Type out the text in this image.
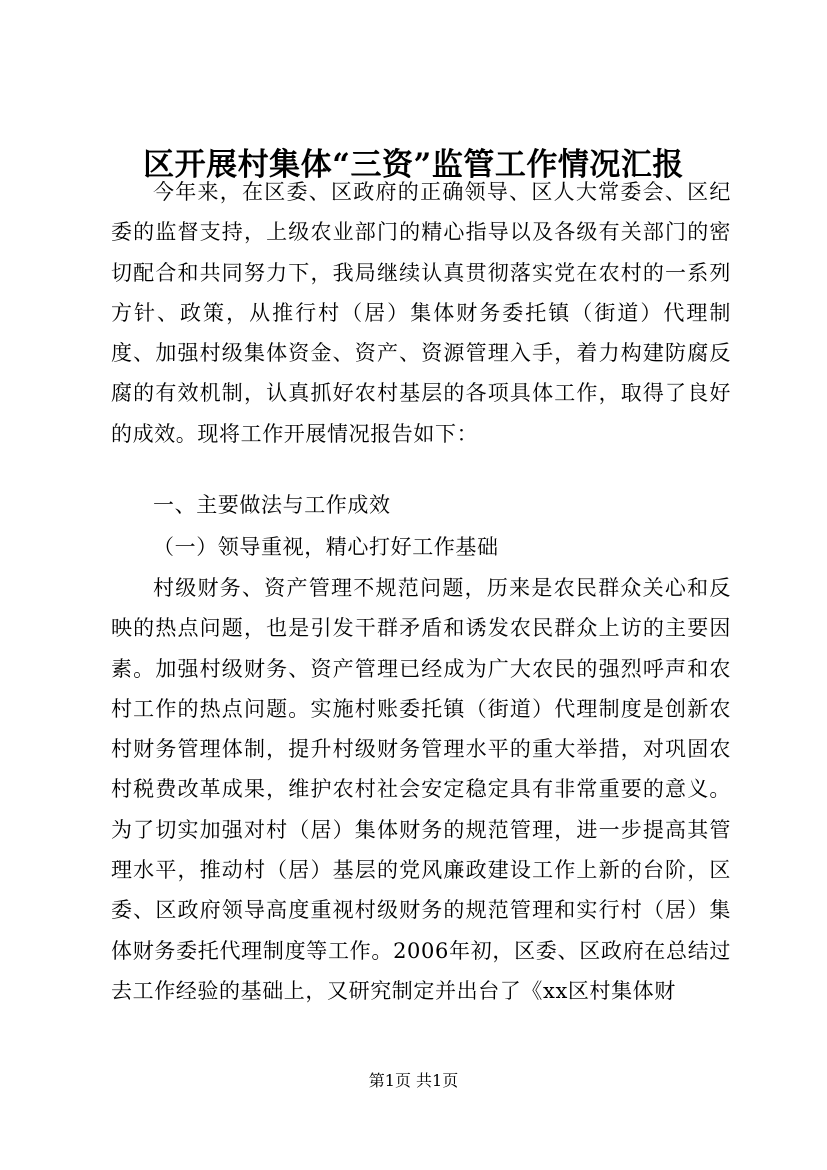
区开展村集体“三资”监管工作情况汇报
今年来，在区委、区政府的正确领导、区人大常委会、区纪委的监督支持，上级农业部门的精心指导以及各级有关部门的密切配合和共同努力下，我局继续认真贯彻落实党在农村的一系列方针、政策，从推行村（居）集体财务委托镇（街道）代理制度、加强村级集体资金、资产、资源管理入手，着力构建防腐反腐的有效机制，认真抓好农村基层的各项具体工作，取得了良好的成效。现将工作开展情况报告如下：
一、主要做法与工作成效
（一）领导重视，精心打好工作基础
村级财务、资产管理不规范问题，历来是农民群众关心和反映的热点问题，也是引发干群矛盾和诱发农民群众上访的主要因素。加强村级财务、资产管理已经成为广大农民的强烈呼声和农村工作的热点问题。实施村账委托镇（街道）代理制度是创新农村财务管理体制，提升村级财务管理水平的重大举措，对巩固农村税费改革成果，维护农村社会安定稳定具有非常重要的意义。为了切实加强对村（居）集体财务的规范管理，进一步提高其管理水平，推动村（居）基层的党风廉政建设工作上新的台阶，区委、区政府领导高度重视村级财务的规范管理和实行村（居）集体财务委托代理制度等工作。2006年初，区委、区政府在总结过去工作经验的基础上，又研究制定并出台了《xx区村集体财
第1页 共1页
